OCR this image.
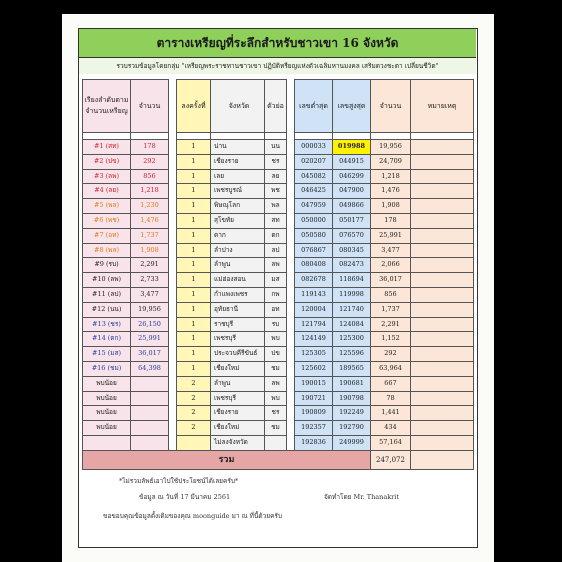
ตารางเหรียญที่ระลึกสำหรับชาวเขา 16 จังหวัด
รวบรวมข้อมูลโดยกลุ่ม "เหรียญพระราชทานชาวเขา ปฏิบัติหรียญแห่งตัวเฉลิมหานมงคล เสริมดวงชะตา เปลี่ยนชีวิต"
เรียงลำดับตามจำนวนเหรียญ	จำนวน		ลงครั้งที่	จังหวัด	ตัวย่อ		เลขต่ำสุด	เลขสูงสุด	จำนวน	หมายเหตุ

#1 (สท)	178		1	น่าน	นน		000033	019988	19,956	
#2 (ปข)	292		1	เชียงราย	ชร		020207	044915	24,709	
#3 (ลพ)	856		1	เลย	ลย		045082	046299	1,218	
#4 (ลย)	1,218		1	เพชรบูรณ์	พช		046425	047900	1,476	
#5 (พล)	1,230		1	พิษณุโลก	พล		047959	049866	1,908	
#6 (พช)	1,476		1	สุโขทัย	สท		050000	050177	178	
#7 (อท)	1,737		1	ตาก	ตก		050580	076570	25,991	
#8 (พล)	1,908		1	ลำปาง	ลป		076867	080345	3,477	
#9 (รบ)	2,291		1	ลำพูน	ลพ		080408	082473	2,066	
#10 (ลพ)	2,733		1	แม่ฮ่องสอน	มส		082678	118694	36,017	
#11 (ลป)	3,477		1	กำแพงเพชร	กพ		119143	119998	856	
#12 (นน)	19,956		1	อุทัยธานี	อท		120004	121740	1,737	
#13 (ชร)	26,150		1	ราชบุรี	รบ		121794	124084	2,291	
#14 (ตก)	25,991		1	เพชรบุรี	พบ		124149	125300	1,152	
#15 (มส)	36,017		1	ประจวบคีรีขันธ์	ปข		125305	125596	292	
#16 (ชม)	64,398		1	เชียงใหม่	ชม		125602	189565	63,964	
พบน้อย			2	ลำพูน	ลพ		190015	190681	667	
พบน้อย			2	เพชรบุรี	พบ		190721	190798	78	
พบน้อย			2	เชียงราย	ชร		190809	192249	1,441	
พบน้อย			2	เชียงใหม่	ชม		192357	192790	434	
				ไม่ลงจังหวัด			192836	249999	57,164	
รวม									247,072	
*ไม่รวมลัพธ์เอาไปใช้ประโยชน์ได้เลยครับ*
ข้อมูล ณ วันที่ 17 มีนาคม 2561	จัดทำโดย Mr. Thanakrit
ขอขอบคุณข้อมูลดั้งเดิมของคุณ moonguide มา ณ ที่นี้ด้วยครับ
